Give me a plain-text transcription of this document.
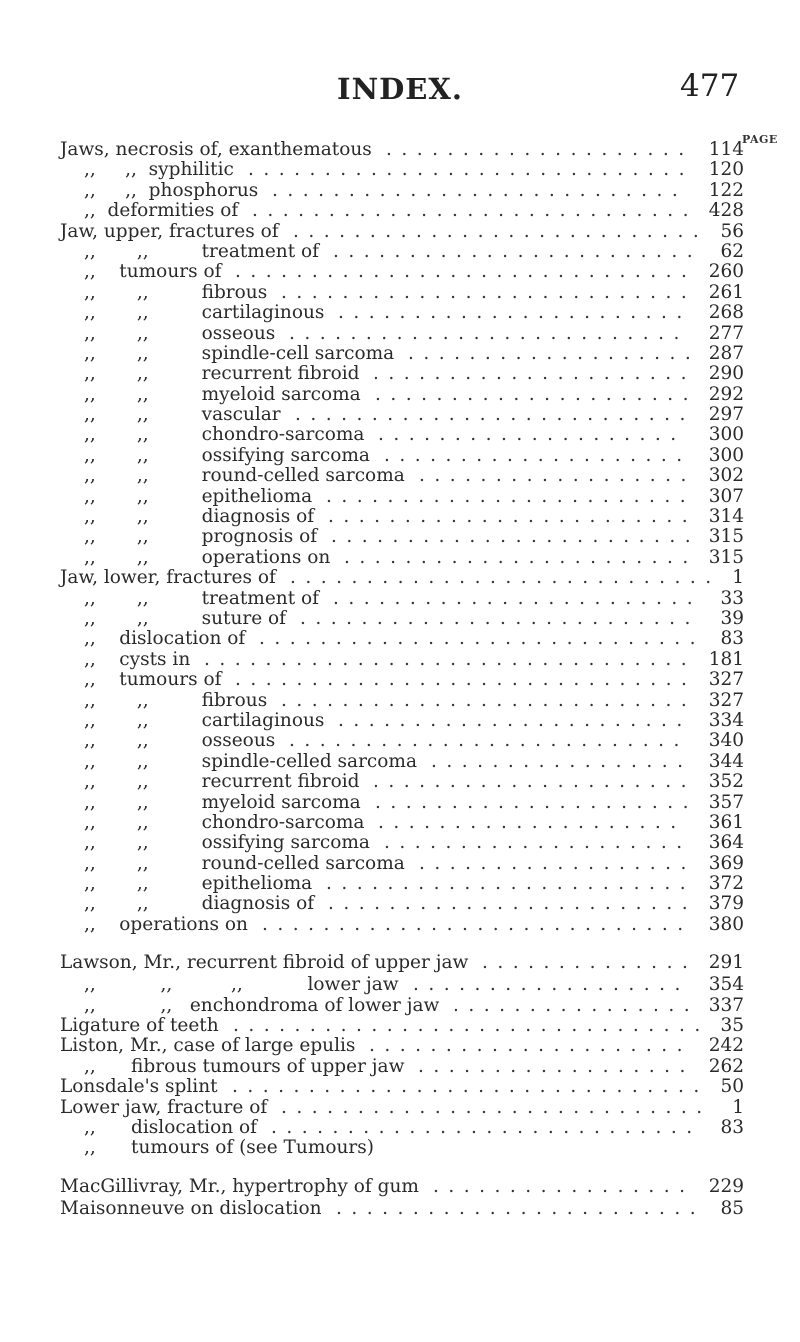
INDEX.	477
PAGE
Jaws, necrosis of, exanthematous	114
....................
,,     ,,  syphilitic	120
.............................
,,     ,,  phosphorus	122
...........................
,,  deformities of	428
.............................
Jaw, upper, fractures of	56
...........................
,,       ,,         treatment of	62
........................
,,    tumours of	260
..............................
,,       ,,         fibrous	261
...........................
,,       ,,         cartilaginous	268
.......................
,,       ,,         osseous	277
..........................
,,       ,,         spindle-cell sarcoma	287
...................
,,       ,,         recurrent fibroid	290
.....................
,,       ,,         myeloid sarcoma	292
.....................
,,       ,,         vascular	297
..........................
,,       ,,         chondro-sarcoma	300
....................
,,       ,,         ossifying sarcoma	300
....................
,,       ,,         round-celled sarcoma	302
..................
,,       ,,         epithelioma	307
........................
,,       ,,         diagnosis of	314
........................
,,       ,,         prognosis of	315
........................
,,       ,,         operations on	315
.......................
Jaw, lower, fractures of	1
............................
,,       ,,         treatment of	33
........................
,,       ,,         suture of	39
..........................
,,    dislocation of	83
.............................
,,    cysts in	181
................................
,,    tumours of	327
..............................
,,       ,,         fibrous	327
...........................
,,       ,,         cartilaginous	334
.......................
,,       ,,         osseous	340
..........................
,,       ,,         spindle-celled sarcoma	344
.................
,,       ,,         recurrent fibroid	352
.....................
,,       ,,         myeloid sarcoma	357
.....................
,,       ,,         chondro-sarcoma	361
....................
,,       ,,         ossifying sarcoma	364
....................
,,       ,,         round-celled sarcoma	369
..................
,,       ,,         epithelioma	372
........................
,,       ,,         diagnosis of	379
........................
,,    operations on	380
............................
Lawson, Mr., recurrent fibroid of upper jaw	291
..............
,,           ,,          ,,           lower jaw	354
..................
,,           ,,   enchondroma of lower jaw	337
................
Ligature of teeth	35
...............................
Liston, Mr., case of large epulis	242
.....................
,,      fibrous tumours of upper jaw	262
..................
Lonsdale's splint	50
...............................
Lower jaw, fracture of	1
............................
,,      dislocation of	83
............................
,,      tumours of (see Tumours)
MacGillivray, Mr., hypertrophy of gum	229
.................
Maisonneuve on dislocation	85
........................
